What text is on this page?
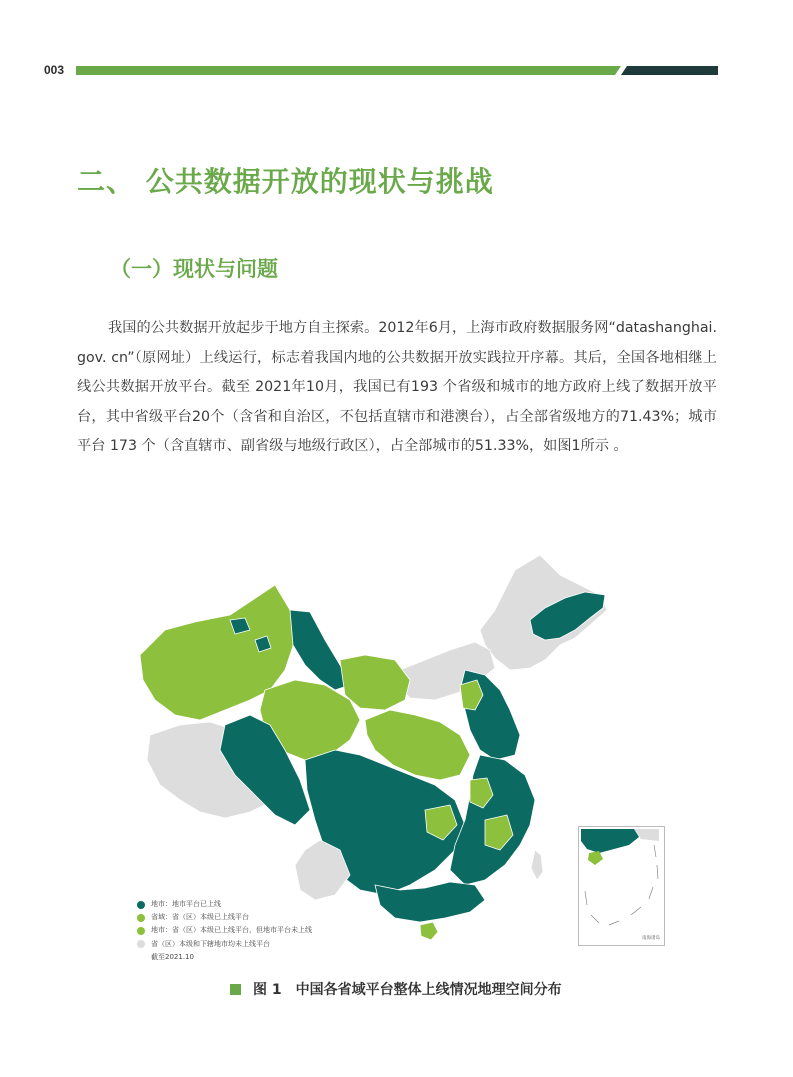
003
二、 公共数据开放的现状与挑战
（一）现状与问题
我国的公共数据开放起步于地方自主探索。2012年6月，上海市政府数据服务网“datashanghai. gov. cn”（原网址）上线运行，标志着我国内地的公共数据开放实践拉开序幕。其后，全国各地相继上线公共数据开放平台。截至 2021年10月，我国已有193 个省级和城市的地方政府上线了数据开放平台，其中省级平台20个（含省和自治区，不包括直辖市和港澳台），占全部省级地方的71.43%；城市平台 173 个（含直辖市、副省级与地级行政区），占全部城市的51.33%，如图1所示 。
南海诸岛
地市：地市平台已上线
省域：省（区）本级已上线平台
地市：省（区）本级已上线平台，但地市平台未上线
省（区）本级和下辖地市均未上线平台
截至2021.10
图 1 中国各省域平台整体上线情况地理空间分布
